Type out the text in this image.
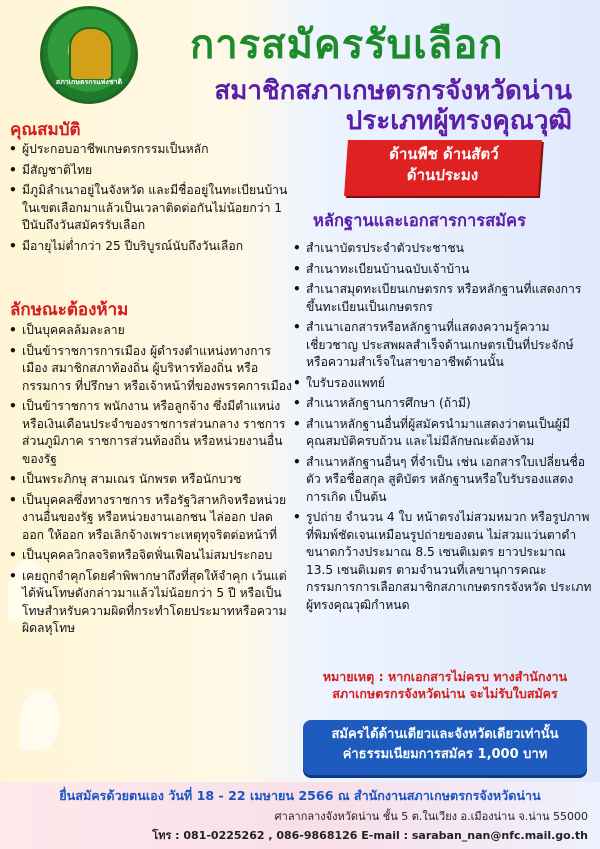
สภาเกษตรกรแห่งชาติ
การสมัครรับเลือก
สมาชิกสภาเกษตรกรจังหวัดน่าน
ประเภทผู้ทรงคุณวุฒิ
คุณสมบัติ
• ผู้ประกอบอาชีพเกษตรกรรมเป็นหลัก
• มีสัญชาติไทย
• มีภูมิลำเนาอยู่ในจังหวัด และมีชื่ออยู่ในทะเบียนบ้านในเขตเลือกมาแล้วเป็นเวลาติดต่อกันไม่น้อยกว่า 1 ปีนับถึงวันสมัครรับเลือก
• มีอายุไม่ต่ำกว่า 25 ปีบริบูรณ์นับถึงวันเลือก
ลักษณะต้องห้าม
• เป็นบุคคลล้มละลาย
• เป็นข้าราชการการเมือง ผู้ดำรงตำแหน่งทางการเมือง สมาชิกสภาท้องถิ่น ผู้บริหารท้องถิ่น หรือกรรมการ ที่ปรึกษา หรือเจ้าหน้าที่ของพรรคการเมือง
• เป็นข้าราชการ พนักงาน หรือลูกจ้าง ซึ่งมีตำแหน่งหรือเงินเดือนประจำของราชการส่วนกลาง ราชการส่วนภูมิภาค ราชการส่วนท้องถิ่น หรือหน่วยงานอื่นของรัฐ
• เป็นพระภิกษุ สามเณร นักพรต หรือนักบวช
• เป็นบุคคลซึ่งทางราชการ หรือรัฐวิสาหกิจหรือหน่วยงานอื่นของรัฐ หรือหน่วยงานเอกชน ไล่ออก ปลดออก ให้ออก หรือเลิกจ้างเพราะเหตุทุจริตต่อหน้าที่
• เป็นบุคคลวิกลจริตหรือจิตฟั่นเฟือนไม่สมประกอบ
• เคยถูกจำคุกโดยคำพิพากษาถึงที่สุดให้จำคุก เว้นแต่ได้พ้นโทษดังกล่าวมาแล้วไม่น้อยกว่า 5 ปี หรือเป็นโทษสำหรับความผิดที่กระทำโดยประมาทหรือความผิดลหุโทษ
ด้านพืช ด้านสัตว์
ด้านประมง
หลักฐานและเอกสารการสมัคร
• สำเนาบัตรประจำตัวประชาชน
• สำเนาทะเบียนบ้านฉบับเจ้าบ้าน
• สำเนาสมุดทะเบียนเกษตรกร หรือหลักฐานที่แสดงการขึ้นทะเบียนเป็นเกษตรกร
• สำเนาเอกสารหรือหลักฐานที่แสดงความรู้ความเชี่ยวชาญ ประสพผลสำเร็จด้านเกษตรเป็นที่ประจักษ์ หรือความสำเร็จในสาขาอาชีพด้านนั้น
• ใบรับรองแพทย์
• สำเนาหลักฐานการศึกษา (ถ้ามี)
• สำเนาหลักฐานอื่นที่ผู้สมัครนำมาแสดงว่าตนเป็นผู้มีคุณสมบัติครบถ้วน และไม่มีลักษณะต้องห้าม
• สำเนาหลักฐานอื่นๆ ที่จำเป็น เช่น เอกสารใบเปลี่ยนชื่อตัว หรือชื่อสกุล สูติบัตร หลักฐานหรือใบรับรองแสดงการเกิด เป็นต้น
• รูปถ่าย จำนวน 4 ใบ หน้าตรงไม่สวมหมวก หรือรูปภาพที่พิมพ์ชัดเจนเหมือนรูปถ่ายของตน ไม่สวมแว่นตาดำ ขนาดกว้างประมาณ 8.5 เซนติเมตร ยาวประมาณ 13.5 เซนติเมตร ตามจำนวนที่เลขานุการคณะกรรมการการเลือกสมาชิกสภาเกษตรกรจังหวัด ประเภทผู้ทรงคุณวุฒิกำหนด
หมายเหตุ : หากเอกสารไม่ครบ ทางสำนักงาน
สภาเกษตรกรจังหวัดน่าน จะไม่รับใบสมัคร
สมัครได้ด้านเดียวและจังหวัดเดียวเท่านั้น
ค่าธรรมเนียมการสมัคร 1,000 บาท
ยื่นสมัครด้วยตนเอง วันที่ 18 - 22 เมษายน 2566 ณ สำนักงานสภาเกษตรกรจังหวัดน่าน
ศาลากลางจังหวัดน่าน ชั้น 5 ต.ในเวียง อ.เมืองน่าน จ.น่าน 55000
โทร : 081-0225262 , 086-9868126 E-mail : saraban_nan@nfc.mail.go.th
